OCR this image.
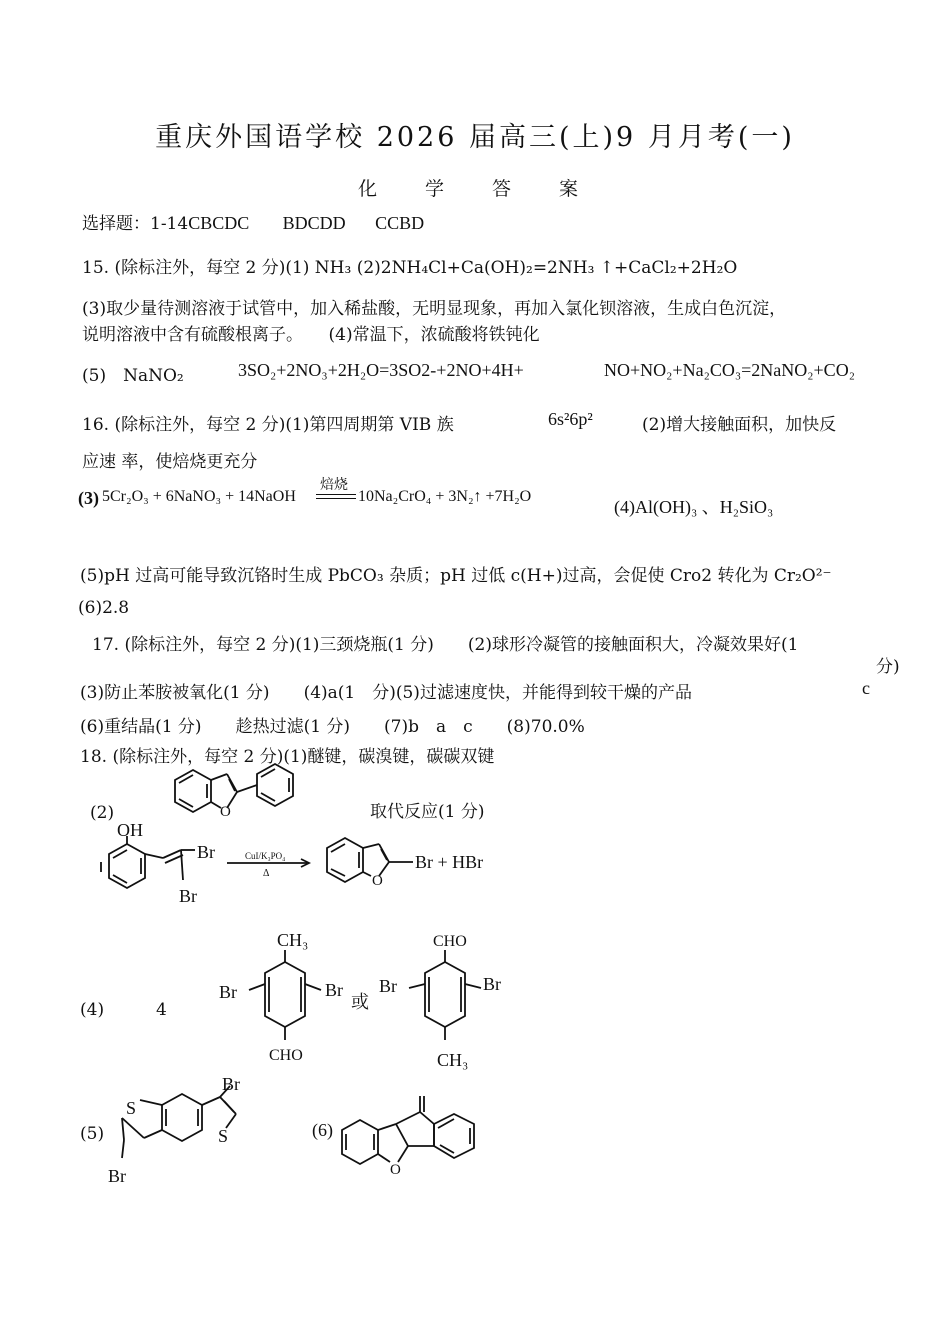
重庆外国语学校 2026 届高三(上)9 月月考(一)
化 学 答 案
选择题：1-14CBCDC BDCDD CCBD
15. (除标注外，每空 2 分)(1) NH₃ (2)2NH₄Cl+Ca(OH)₂=2NH₃ ↑+CaCl₂+2H₂O
(3)取少量待测溶液于试管中，加入稀盐酸，无明显现象，再加入氯化钡溶液，生成白色沉淀，
说明溶液中含有硫酸根离子。　　(4)常温下，浓硫酸将铁钝化
(5)　NaNO₂	3SO₂+2NO₃+2H₂O=3SO2-+2NO+4H+	NO+NO₂+Na₂CO₃=2NaNO₂+CO₂
16. (除标注外，每空 2 分)(1)第四周期第 VIB 族	6s²6p²	(2)增大接触面积，加快反
应速 率，使焙烧更充分
(3) 5Cr₂O₃ + 6NaNO₃ + 14NaOH
焙烧
10Na₂CrO₄ + 3N₂↑ +7H₂O
(4)Al(OH)₃ 、H₂SiO₃
(5)pH 过高可能导致沉铬时生成 PbCO₃ 杂质；pH 过低 c(H+)过高，会促使 Cro2 转化为 Cr₂O²⁻
(6)2.8
17. (除标注外，每空 2 分)(1)三颈烧瓶(1 分)　　(2)球形冷凝管的接触面积大，冷凝效果好(1
分)
(3)防止苯胺被氧化(1 分)　　(4)a(1　分)(5)过滤速度快，并能得到较干燥的产品	c
(6)重结晶(1 分)　　趁热过滤(1 分)　　(7)b　a　c　　(8)70.0%
18. (除标注外，每空 2 分)(1)醚键，碳溴键，碳碳双键
(2)	取代反应(1 分)
O
OH
Br
Br
CuI/K₃PO₄
Δ	O
Br + HBr
(4)	4
CH₃
Br	Br
CHO
或
CHO
Br	Br
CH₃
(5)
S
S
Br
Br
(6)
O
